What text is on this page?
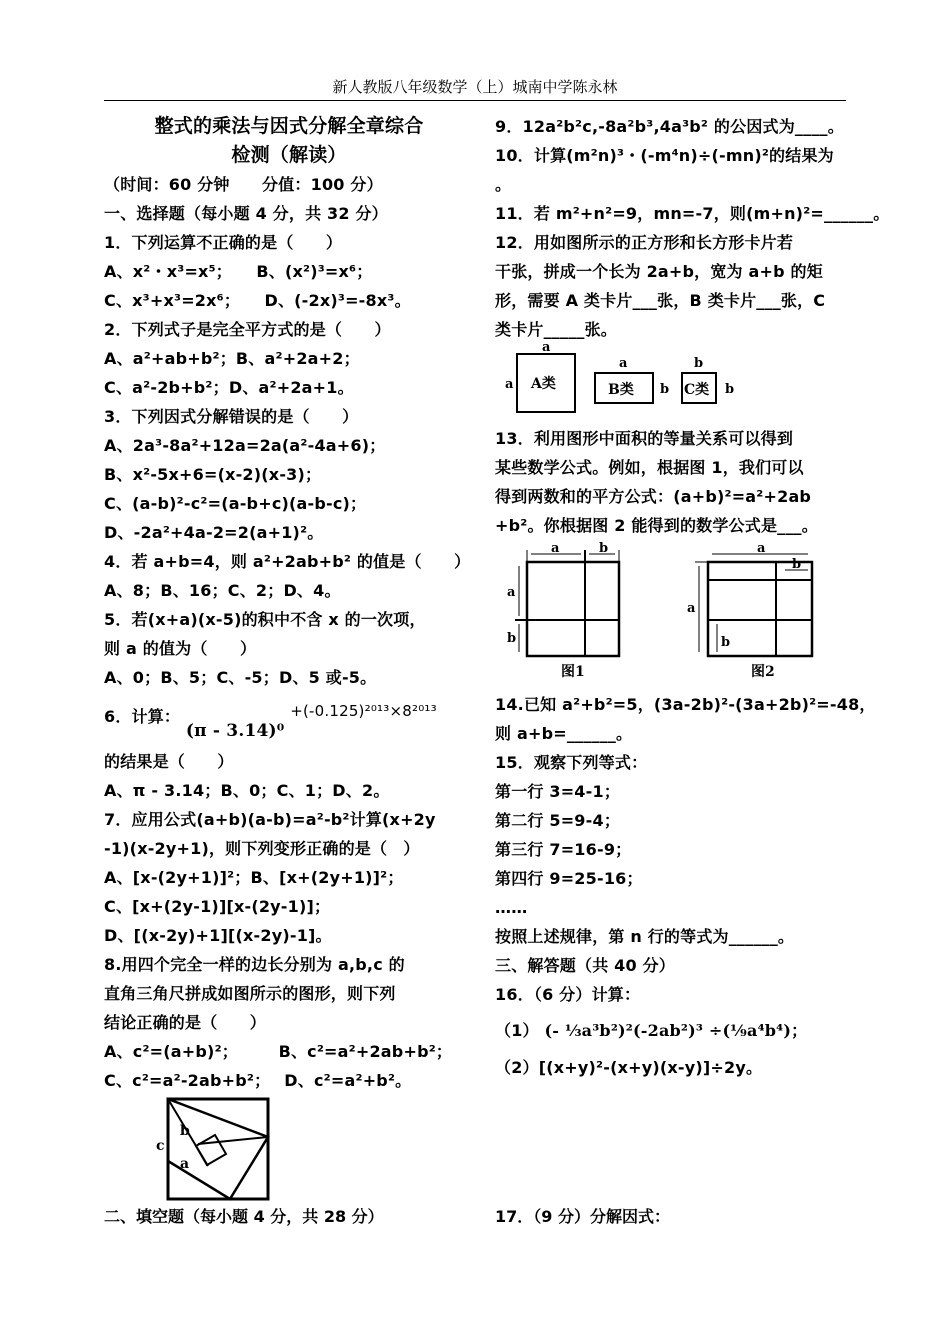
新人教版八年级数学（上）城南中学陈永林
整式的乘法与因式分解全章综合
检测（解读）
（时间：60 分钟　　分值：100 分）
一、选择题（每小题 4 分，共 32 分）
1．下列运算不正确的是（　　）
A、x²・x³=x⁵；　　B、(x²)³=x⁶；
C、x³+x³=2x⁶；　　D、(-2x)³=-8x³。
2．下列式子是完全平方式的是（　　）
A、a²+ab+b²；B、a²+2a+2；
C、a²-2b+b²；D、a²+2a+1。
3．下列因式分解错误的是（　　）
A、2a³-8a²+12a=2a(a²-4a+6)；
B、x²-5x+6=(x-2)(x-3)；
C、(a-b)²-c²=(a-b+c)(a-b-c)；
D、-2a²+4a-2=2(a+1)²。
4．若 a+b=4，则 a²+2ab+b² 的值是（　　）
A、8；B、16；C、2；D、4。
5．若(x+a)(x-5)的积中不含 x 的一次项，
则 a 的值为（　　）
A、0；B、5；C、-5；D、5 或-5。
6．计算： (π - 3.14)⁰ +(-0.125)²⁰¹³×8²⁰¹³
的结果是（　　）
A、π - 3.14；B、0；C、1；D、2。
7．应用公式(a+b)(a-b)=a²-b²计算(x+2y
-1)(x-2y+1)，则下列变形正确的是（　）
A、[x-(2y+1)]²；B、[x+(2y+1)]²；
C、[x+(2y-1)][x-(2y-1)]；
D、[(x-2y)+1][(x-2y)-1]。
8.用四个完全一样的边长分别为 a,b,c 的
直角三角尺拼成如图所示的图形，则下列
结论正确的是（　　）
A、c²=(a+b)²；　　　B、c²=a²+2ab+b²；
C、c²=a²-2ab+b²；　 D、c²=a²+b²。
c
b
a
二、填空题（每小题 4 分，共 28 分）
9．12a²b²c,-8a²b³,4a³b² 的公因式为____。
10．计算(m²n)³・(-m⁴n)÷(-mn)²的结果为
。
11．若 m²+n²=9，mn=-7，则(m+n)²=______。
12．用如图所示的正方形和长方形卡片若
干张，拼成一个长为 2a+b，宽为 a+b 的矩
形，需要 A 类卡片___张，B 类卡片___张，C
类卡片_____张。
a
a A类
a
b
B类
b
b
C类
13．利用图形中面积的等量关系可以得到
某些数学公式。例如，根据图 1，我们可以
得到两数和的平方公式：(a+b)²=a²+2ab
+b²。你根据图 2 能得到的数学公式是___。
a	b
a
b
图1
a
b
a
b
图2
14.已知 a²+b²=5，(3a-2b)²-(3a+2b)²=-48，
则 a+b=______。
15．观察下列等式：
第一行 3=4-1；
第二行 5=9-4；
第三行 7=16-9；
第四行 9=25-16；
……
按照上述规律，第 n 行的等式为______。
三、解答题（共 40 分）
16．（6 分）计算：
（1） (- ⅓a³b²)²(-2ab²)³ ÷(⅑a⁴b⁴)；
（2）[(x+y)²-(x+y)(x-y)]÷2y。
17．（9 分）分解因式：
